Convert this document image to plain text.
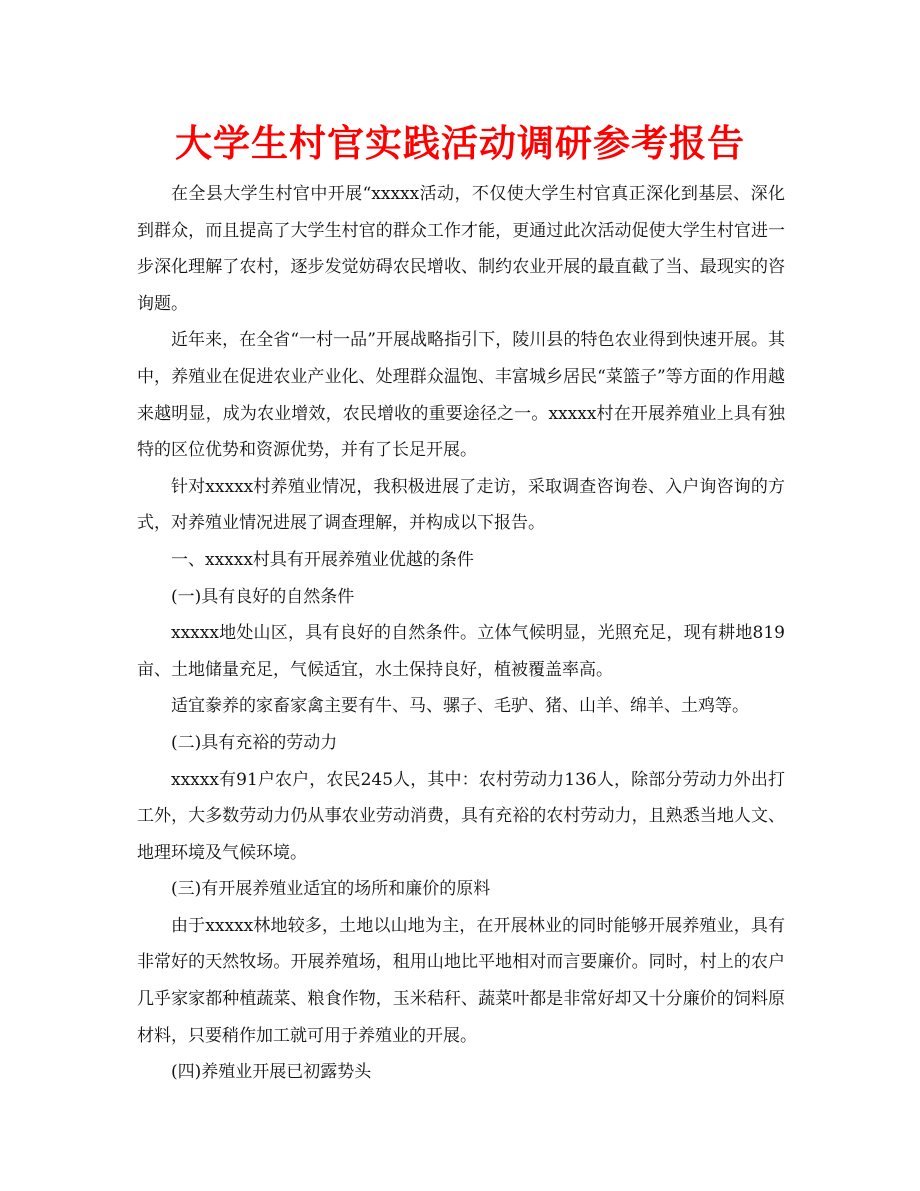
大学生村官实践活动调研参考报告

在全县大学生村官中开展“xxxxx活动，不仅使大学生村官真正深化到基层、深化到群众，而且提高了大学生村官的群众工作才能，更通过此次活动促使大学生村官进一步深化理解了农村，逐步发觉妨碍农民增收、制约农业开展的最直截了当、最现实的咨询题。

近年来，在全省“一村一品”开展战略指引下，陵川县的特色农业得到快速开展。其中，养殖业在促进农业产业化、处理群众温饱、丰富城乡居民“菜篮子”等方面的作用越来越明显，成为农业增效，农民增收的重要途径之一。xxxxx村在开展养殖业上具有独特的区位优势和资源优势，并有了长足开展。

针对xxxxx村养殖业情况，我积极进展了走访，采取调查咨询卷、入户询咨询的方式，对养殖业情况进展了调查理解，并构成以下报告。

一、xxxxx村具有开展养殖业优越的条件

(一)具有良好的自然条件

xxxxx地处山区，具有良好的自然条件。立体气候明显，光照充足，现有耕地819亩、土地储量充足，气候适宜，水土保持良好，植被覆盖率高。

适宜豢养的家畜家禽主要有牛、马、骡子、毛驴、猪、山羊、绵羊、土鸡等。

(二)具有充裕的劳动力

xxxxx有91户农户，农民245人，其中：农村劳动力136人，除部分劳动力外出打工外，大多数劳动力仍从事农业劳动消费，具有充裕的农村劳动力，且熟悉当地人文、地理环境及气候环境。

(三)有开展养殖业适宜的场所和廉价的原料

由于xxxxx林地较多，土地以山地为主，在开展林业的同时能够开展养殖业，具有非常好的天然牧场。开展养殖场，租用山地比平地相对而言要廉价。同时，村上的农户几乎家家都种植蔬菜、粮食作物，玉米秸秆、蔬菜叶都是非常好却又十分廉价的饲料原材料，只要稍作加工就可用于养殖业的开展。

(四)养殖业开展已初露势头
